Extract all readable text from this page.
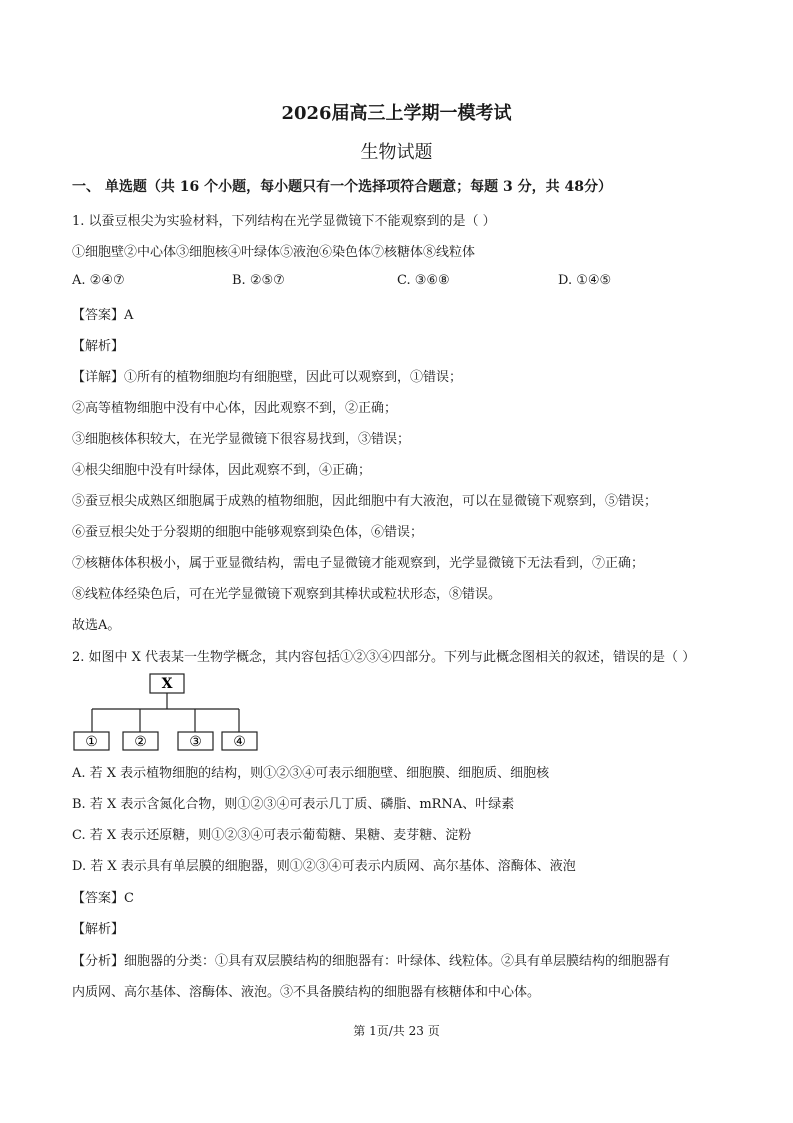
2026届高三上学期一模考试
生物试题
一、 单选题（共 16 个小题，每小题只有一个选择项符合题意；每题 3 分，共 48分）
1. 以蚕豆根尖为实验材料，下列结构在光学显微镜下不能观察到的是（ ）
①细胞壁②中心体③细胞核④叶绿体⑤液泡⑥染色体⑦核糖体⑧线粒体
A. ②④⑦	B. ②⑤⑦	C. ③⑥⑧	D. ①④⑤
【答案】A
【解析】
【详解】①所有的植物细胞均有细胞壁，因此可以观察到，①错误；
②高等植物细胞中没有中心体，因此观察不到，②正确；
③细胞核体积较大，在光学显微镜下很容易找到，③错误；
④根尖细胞中没有叶绿体，因此观察不到，④正确；
⑤蚕豆根尖成熟区细胞属于成熟的植物细胞，因此细胞中有大液泡，可以在显微镜下观察到，⑤错误；
⑥蚕豆根尖处于分裂期的细胞中能够观察到染色体，⑥错误；
⑦核糖体体积极小，属于亚显微结构，需电子显微镜才能观察到，光学显微镜下无法看到，⑦正确；
⑧线粒体经染色后，可在光学显微镜下观察到其棒状或粒状形态，⑧错误。
故选A。
2. 如图中 X 代表某一生物学概念，其内容包括①②③④四部分。下列与此概念图相关的叙述，错误的是（ ）
X
①	②	③ ④
A. 若 X 表示植物细胞的结构，则①②③④可表示细胞壁、细胞膜、细胞质、细胞核
B. 若 X 表示含氮化合物，则①②③④可表示几丁质、磷脂、mRNA、叶绿素
C. 若 X 表示还原糖，则①②③④可表示葡萄糖、果糖、麦芽糖、淀粉
D. 若 X 表示具有单层膜的细胞器，则①②③④可表示内质网、高尔基体、溶酶体、液泡
【答案】C
【解析】
【分析】细胞器的分类：①具有双层膜结构的细胞器有：叶绿体、线粒体。②具有单层膜结构的细胞器有
内质网、高尔基体、溶酶体、液泡。③不具备膜结构的细胞器有核糖体和中心体。
第 1页/共 23 页
